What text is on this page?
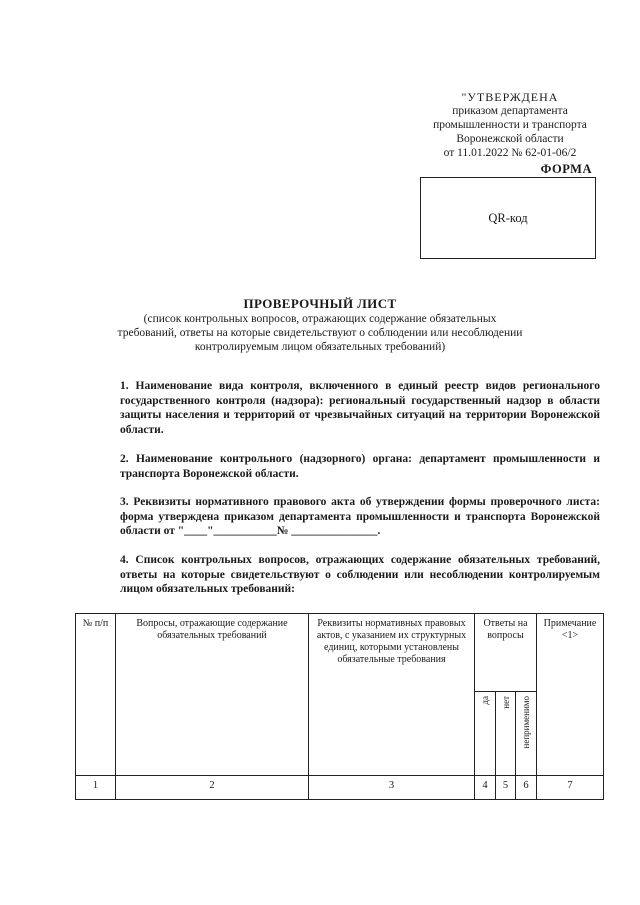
"УТВЕРЖДЕНА
приказом департамента
промышленности и транспорта
Воронежской области
от 11.01.2022 № 62-01-06/2
ФОРМА
QR-код
ПРОВЕРОЧНЫЙ ЛИСТ
(список контрольных вопросов, отражающих содержание обязательных требований, ответы на которые свидетельствуют о соблюдении или несоблюдении контролируемым лицом обязательных требований)
1. Наименование вида контроля, включенного в единый реестр видов регионального государственного контроля (надзора): региональный государственный надзор в области защиты населения и территорий от чрезвычайных ситуаций на территории Воронежской области.
2. Наименование контрольного (надзорного) органа: департамент промышленности и транспорта Воронежской области.
3. Реквизиты нормативного правового акта об утверждении формы проверочного листа: форма утверждена приказом департамента промышленности и транспорта Воронежской области от "____"___________№ _______________.
4. Список контрольных вопросов, отражающих содержание обязательных требований, ответы на которые свидетельствуют о соблюдении или несоблюдении контролируемым лицом обязательных требований:
№ п/п	Вопросы, отражающие содержание обязательных требований	Реквизиты нормативных правовых актов, с указанием их структурных единиц, которыми установлены обязательные требования	Ответы на вопросы			Примечание <1>
			да	нет	неприменимо	
1	2	3	4	5	6	7
